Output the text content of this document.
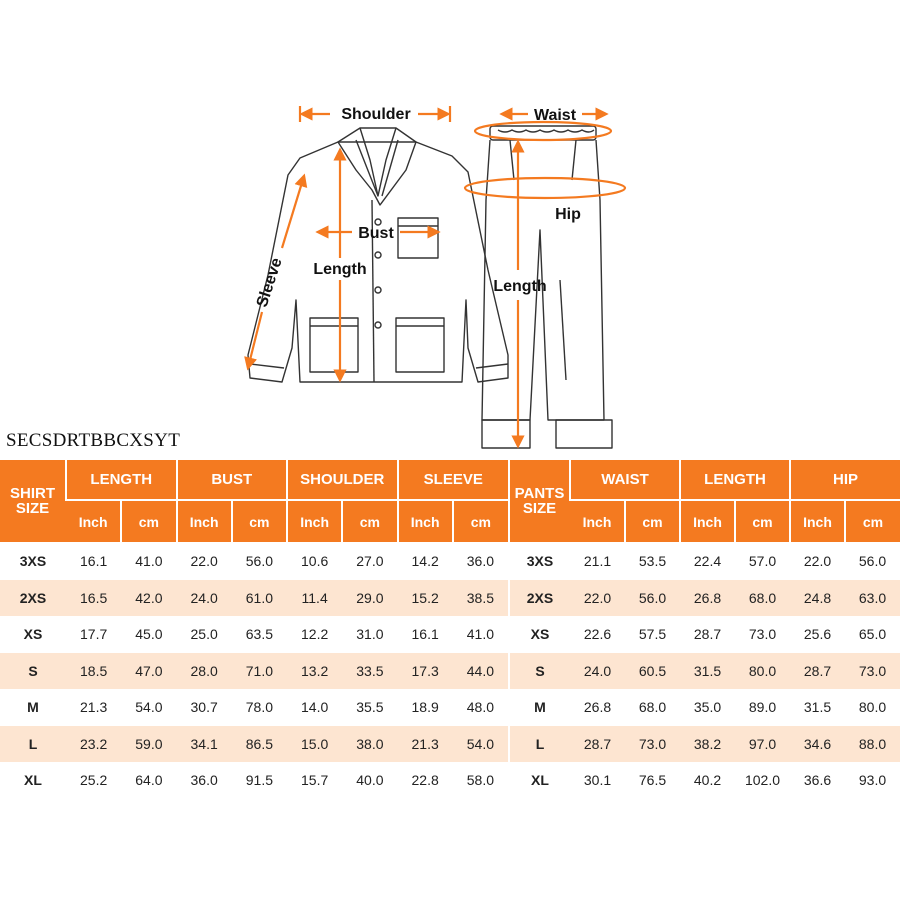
Shoulder
Bust
Length
Sleeve
Waist
Hip
Length
SECSDRTBBCXSYT
SHIRT SIZE	LENGTH		BUST		SHOULDER		SLEEVE	
	Inch	cm	Inch	cm	Inch	cm	Inch	cm
3XS	16.1	41.0	22.0	56.0	10.6	27.0	14.2	36.0
2XS	16.5	42.0	24.0	61.0	11.4	29.0	15.2	38.5
XS	17.7	45.0	25.0	63.5	12.2	31.0	16.1	41.0
S	18.5	47.0	28.0	71.0	13.2	33.5	17.3	44.0
M	21.3	54.0	30.7	78.0	14.0	35.5	18.9	48.0
L	23.2	59.0	34.1	86.5	15.0	38.0	21.3	54.0
XL	25.2	64.0	36.0	91.5	15.7	40.0	22.8	58.0
PANTS SIZE	WAIST		LENGTH		HIP	
	Inch	cm	Inch	cm	Inch	cm
3XS	21.1	53.5	22.4	57.0	22.0	56.0
2XS	22.0	56.0	26.8	68.0	24.8	63.0
XS	22.6	57.5	28.7	73.0	25.6	65.0
S	24.0	60.5	31.5	80.0	28.7	73.0
M	26.8	68.0	35.0	89.0	31.5	80.0
L	28.7	73.0	38.2	97.0	34.6	88.0
XL	30.1	76.5	40.2	102.0	36.6	93.0
